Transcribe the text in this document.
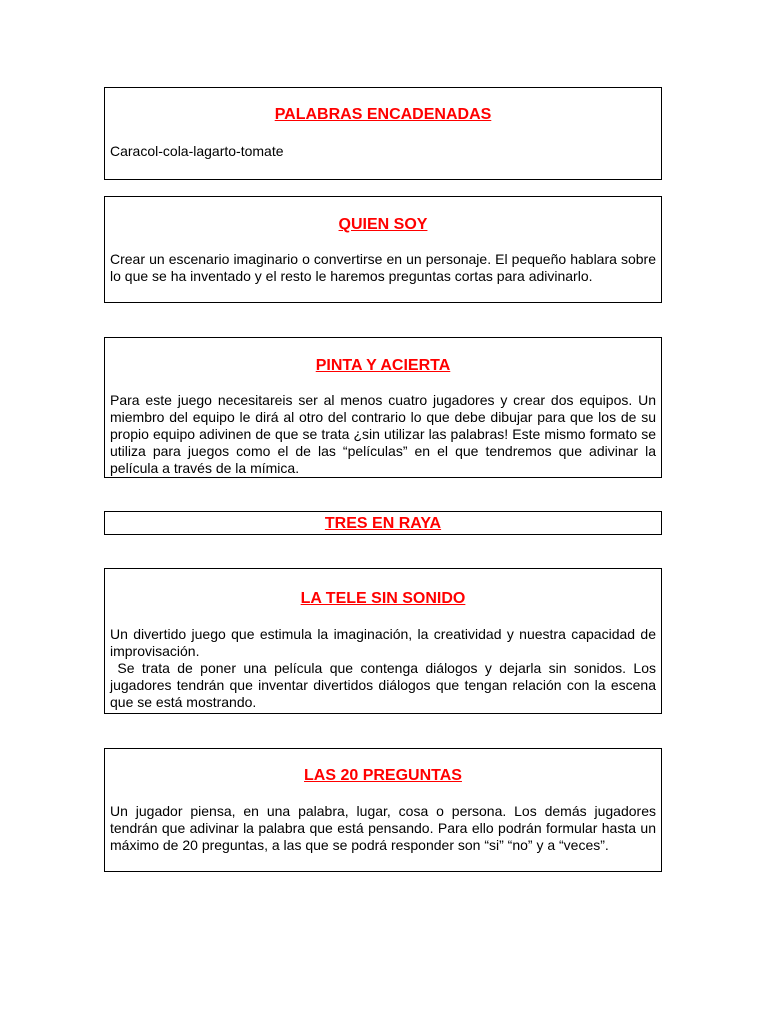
PALABRAS ENCADENADAS

Caracol-cola-lagarto-tomate

QUIEN SOY

Crear un escenario imaginario o convertirse en un personaje. El pequeño hablara sobre lo que se ha inventado y el resto le haremos preguntas cortas para adivinarlo.

PINTA Y ACIERTA

Para este juego necesitareis ser al menos cuatro jugadores y crear dos equipos. Un miembro del equipo le dirá al otro del contrario lo que debe dibujar para que los de su propio equipo adivinen de que se trata ¿sin utilizar las palabras! Este mismo formato se utiliza para juegos como el de las “películas” en el que tendremos que adivinar la película a través de la mímica.

TRES EN RAYA

LA TELE SIN SONIDO

Un divertido juego que estimula la imaginación, la creatividad y nuestra capacidad de improvisación.
Se trata de poner una película que contenga diálogos y dejarla sin sonidos. Los jugadores tendrán que inventar divertidos diálogos que tengan relación con la escena que se está mostrando.

LAS 20 PREGUNTAS

Un jugador piensa, en una palabra, lugar, cosa o persona. Los demás jugadores tendrán que adivinar la palabra que está pensando. Para ello podrán formular hasta un máximo de 20 preguntas, a las que se podrá responder son “si” “no” y a “veces”.
